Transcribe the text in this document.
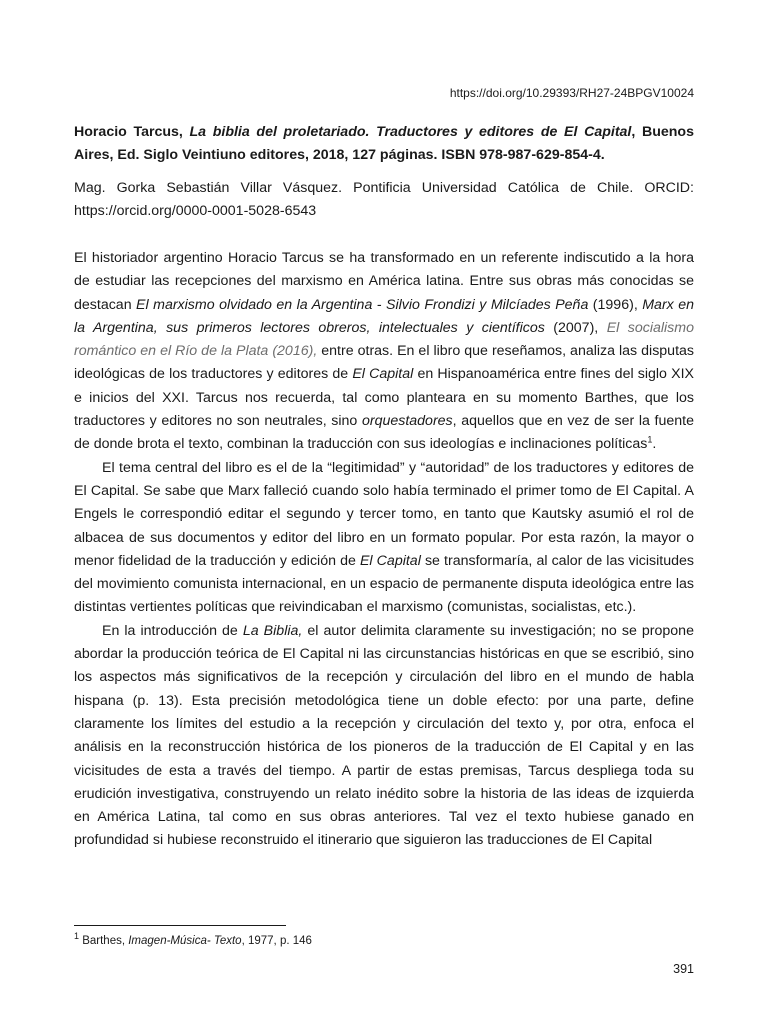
https://doi.org/10.29393/RH27-24BPGV10024
Horacio Tarcus, La biblia del proletariado. Traductores y editores de El Capital, Buenos Aires, Ed. Siglo Veintiuno editores, 2018, 127 páginas. ISBN 978-987-629-854-4.
Mag. Gorka Sebastián Villar Vásquez. Pontificia Universidad Católica de Chile. ORCID: https://orcid.org/0000-0001-5028-6543

El historiador argentino Horacio Tarcus se ha transformado en un referente indiscutido a la hora de estudiar las recepciones del marxismo en América latina. Entre sus obras más conocidas se destacan El marxismo olvidado en la Argentina - Silvio Frondizi y Milcíades Peña (1996), Marx en la Argentina, sus primeros lectores obreros, intelectuales y científicos (2007), El socialismo romántico en el Río de la Plata (2016), entre otras. En el libro que reseñamos, analiza las disputas ideológicas de los traductores y editores de El Capital en Hispanoamérica entre fines del siglo XIX e inicios del XXI. Tarcus nos recuerda, tal como planteara en su momento Barthes, que los traductores y editores no son neutrales, sino orquestadores, aquellos que en vez de ser la fuente de donde brota el texto, combinan la traducción con sus ideologías e inclinaciones políticas$^1$.

El tema central del libro es el de la “legitimidad” y “autoridad” de los traductores y editores de El Capital. Se sabe que Marx falleció cuando solo había terminado el primer tomo de El Capital. A Engels le correspondió editar el segundo y tercer tomo, en tanto que Kautsky asumió el rol de albacea de sus documentos y editor del libro en un formato popular. Por esta razón, la mayor o menor fidelidad de la traducción y edición de El Capital se transformaría, al calor de las vicisitudes del movimiento comunista internacional, en un espacio de permanente disputa ideológica entre las distintas vertientes políticas que reivindicaban el marxismo (comunistas, socialistas, etc.).

En la introducción de La Biblia, el autor delimita claramente su investigación; no se propone abordar la producción teórica de El Capital ni las circunstancias históricas en que se escribió, sino los aspectos más significativos de la recepción y circulación del libro en el mundo de habla hispana (p. 13). Esta precisión metodológica tiene un doble efecto: por una parte, define claramente los límites del estudio a la recepción y circulación del texto y, por otra, enfoca el análisis en la reconstrucción histórica de los pioneros de la traducción de El Capital y en las vicisitudes de esta a través del tiempo. A partir de estas premisas, Tarcus despliega toda su erudición investigativa, construyendo un relato inédito sobre la historia de las ideas de izquierda en América Latina, tal como en sus obras anteriores. Tal vez el texto hubiese ganado en profundidad si hubiese reconstruido el itinerario que siguieron las traducciones de El Capital

$^1$ Barthes, Imagen-Música- Texto, 1977, p. 146
391
